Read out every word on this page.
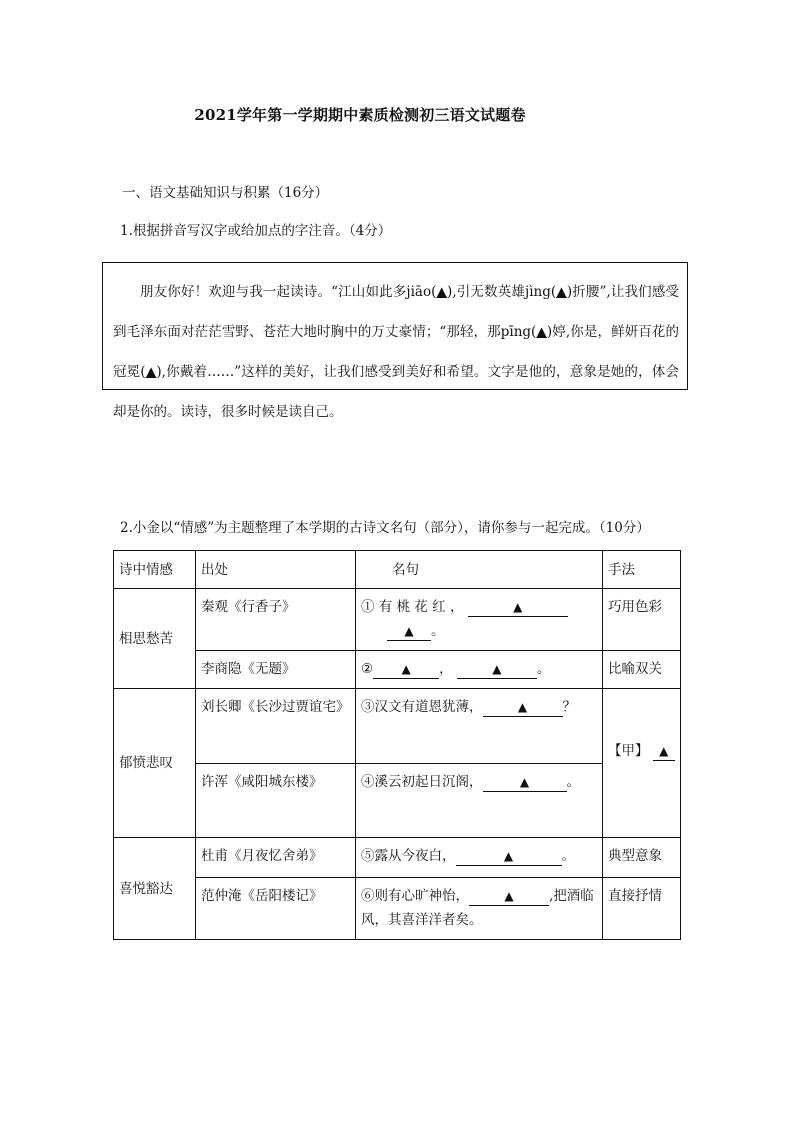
2021学年第一学期期中素质检测初三语文试题卷
一、语文基础知识与积累（16分）
1.根据拼音写汉字或给加点的字注音。（4分）

朋友你好！欢迎与我一起读诗。“江山如此多jiāo(▲),引无数英雄jìng(▲)折腰”,让我们感受到毛泽东面对茫茫雪野、苍茫大地时胸中的万丈豪情；“那轻，那pīng(▲)婷,你是，鲜妍百花的冠冕(▲),你戴着……”这样的美好，让我们感受到美好和希望。文字是他的，意象是她的，体会却是你的。读诗，很多时候是读自己。

2.小金以“情感”为主题整理了本学期的古诗文名句（部分），请你参与一起完成。（10分）
诗中情感	出处	名句	手法
相思愁苦	秦观《行香子》	① 有 桃 花 红 ， ▲
▲ 。	巧用色彩
	李商隐《无题》	② ▲ ， ▲ 。	比喻双关
郁愤悲叹	刘长卿《长沙过贾谊宅》	③汉文有道恩犹薄， ▲ ？	【甲】 ▲

	许浑《咸阳城东楼》	④溪云初起日沉阁， ▲ 。	
喜悦豁达	杜甫《月夜忆舍弟》	⑤露从今夜白， ▲ 。	典型意象
	范仲淹《岳阳楼记》	⑥则有心旷神怡， ▲ ,把酒临风，其喜洋洋者矣。	直接抒情
